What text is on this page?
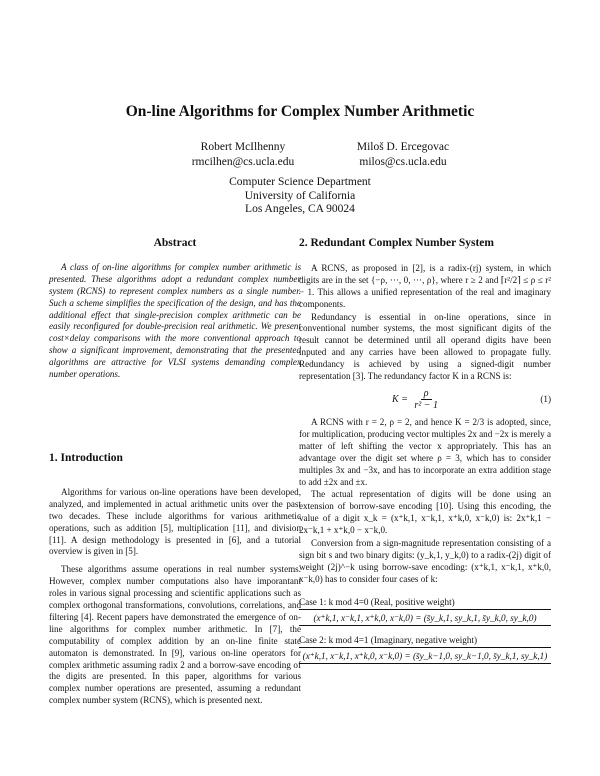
On-line Algorithms for Complex Number Arithmetic
Robert McIlhenny
rmcilhen@cs.ucla.edu
Miloš D. Ercegovac
milos@cs.ucla.edu
Computer Science Department
University of California
Los Angeles, CA 90024
Abstract

A class of on-line algorithms for complex number arithmetic is presented. These algorithms adopt a redundant complex number system (RCNS) to represent complex numbers as a single number. Such a scheme simplifies the specification of the design, and has the additional effect that single-precision complex arithmetic can be easily reconfigured for double-precision real arithmetic. We present cost×delay comparisons with the more conventional approach to show a significant improvement, demonstrating that the presented algorithms are attractive for VLSI systems demanding complex number operations.

1. Introduction

Algorithms for various on-line operations have been developed, analyzed, and implemented in actual arithmetic units over the past two decades. These include algorithms for various arithmetic operations, such as addition [5], multiplication [11], and division [11]. A design methodology is presented in [6], and a tutorial overview is given in [5].

These algorithms assume operations in real number systems. However, complex number computations also have imporantant roles in various signal processing and scientific applications such as complex orthogonal transformations, convolutions, correlations, and filtering [4]. Recent papers have demonstrated the emergence of on-line algorithms for complex number arithmetic. In [7], the computability of complex addition by an on-line finite state automaton is demonstrated. In [9], various on-line operators for complex arithmetic assuming radix 2 and a borrow-save encoding of the digits are presented. In this paper, algorithms for various complex number operations are presented, assuming a redundant complex number system (RCNS), which is presented next.

2. Redundant Complex Number System

A RCNS, as proposed in [2], is a radix-(rj) system, in which digits are in the set {−ρ, ···, 0, ···, ρ}, where r ≥ 2 and ⌈r²/2⌉ ≤ ρ ≤ r² − 1. This allows a unified representation of the real and imaginary components.

Redundancy is essential in on-line operations, since in conventional number systems, the most significant digits of the result cannot be determined until all operand digits have been inputed and any carries have been allowed to propagate fully. Redundancy is achieved by using a signed-digit number representation [3]. The redundancy factor K in a RCNS is:

$K = \frac{\rho}{\text{r² − 1}}$	(1)

A RCNS with r = 2, ρ = 2, and hence K = 2/3 is adopted, since, for multiplication, producing vector multiples 2x and −2x is merely a matter of left shifting the vector x appropriately. This has an advantage over the digit set where ρ = 3, which has to consider multiples 3x and −3x, and has to incorporate an extra addition stage to add ±2x and ±x.

The actual representation of digits will be done using an extension of borrow-save encoding [10]. Using this encoding, the value of a digit x_k = (x⁺k,1, x⁻k,1, x⁺k,0, x⁻k,0) is: 2x⁺k,1 − 2x⁻k,1 + x⁺k,0 − x⁻k,0.

Conversion from a sign-magnitude representation consisting of a sign bit s and two binary digits: (y_k,1, y_k,0) to a radix-(2j) digit of weight (2j)^−k using borrow-save encoding: (x⁺k,1, x⁻k,1, x⁺k,0, x⁻k,0) has to consider four cases of k:

Case 1: k mod 4=0 (Real, positive weight)
(x⁺k,1, x⁻k,1, x⁺k,0, x⁻k,0) = (s̄y_k,1, sy_k,1, s̄y_k,0, sy_k,0)
Case 2: k mod 4=1 (Imaginary, negative weight)
(x⁺k,1, x⁻k,1, x⁺k,0, x⁻k,0) = (s̄y_k−1,0, sy_k−1,0, s̄y_k,1, sy_k,1)
